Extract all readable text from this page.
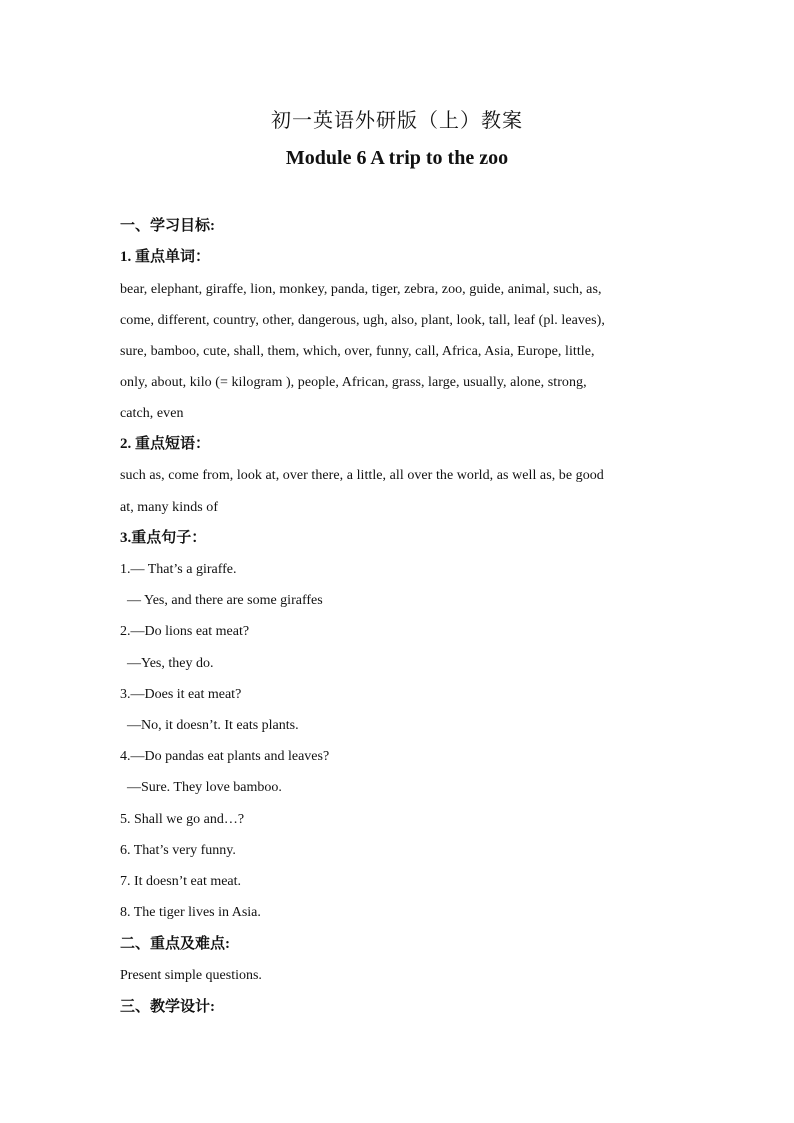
初一英语外研版（上）教案
Module 6 A trip to the zoo
一、学习目标:
1. 重点单词：
bear, elephant, giraffe, lion, monkey, panda, tiger, zebra, zoo, guide, animal, such, as,
come, different, country, other, dangerous, ugh, also, plant, look, tall, leaf (pl. leaves),
sure, bamboo, cute, shall, them, which, over, funny, call, Africa, Asia, Europe, little,
only, about, kilo (= kilogram ), people, African, grass, large, usually, alone, strong,
catch, even
2. 重点短语：
such as, come from, look at, over there, a little, all over the world, as well as, be good
at, many kinds of
3.重点句子：
1.— That’s a giraffe.
— Yes, and there are some giraffes
2.—Do lions eat meat?
—Yes, they do.
3.—Does it eat meat?
—No, it doesn’t. It eats plants.
4.—Do pandas eat plants and leaves?
—Sure. They love bamboo.
5. Shall we go and…?
6. That’s very funny.
7. It doesn’t eat meat.
8. The tiger lives in Asia.
二、重点及难点:
Present simple questions.
三、教学设计:
